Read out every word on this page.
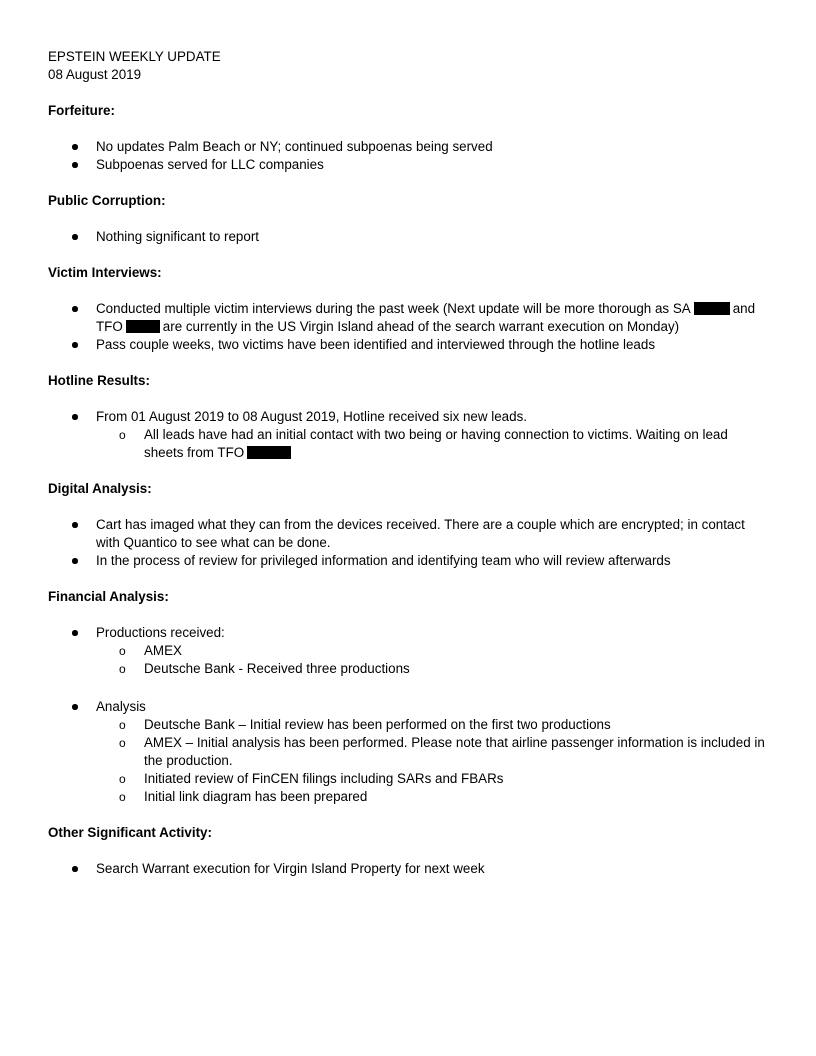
EPSTEIN WEEKLY UPDATE

08 August 2019

Forfeiture:

No updates Palm Beach or NY; continued subpoenas being served
Subpoenas served for LLC companies

Public Corruption:

Nothing significant to report

Victim Interviews:

Conducted multiple victim interviews during the past week (Next update will be more thorough as SA	and TFO	are currently in the US Virgin Island ahead of the search warrant execution on Monday)
Pass couple weeks, two victims have been identified and interviewed through the hotline leads

Hotline Results:

From 01 August 2019 to 08 August 2019, Hotline received six new leads.
o All leads have had an initial contact with two being or having connection to victims. Waiting on lead sheets from TFO

Digital Analysis:

Cart has imaged what they can from the devices received. There are a couple which are encrypted; in contact with Quantico to see what can be done.
In the process of review for privileged information and identifying team who will review afterwards

Financial Analysis:

Productions received:
o AMEX
o Deutsche Bank - Received three productions
Analysis
o Deutsche Bank – Initial review has been performed on the first two productions
o AMEX – Initial analysis has been performed. Please note that airline passenger information is included in the production.
o Initiated review of FinCEN filings including SARs and FBARs
o Initial link diagram has been prepared

Other Significant Activity:

Search Warrant execution for Virgin Island Property for next week
